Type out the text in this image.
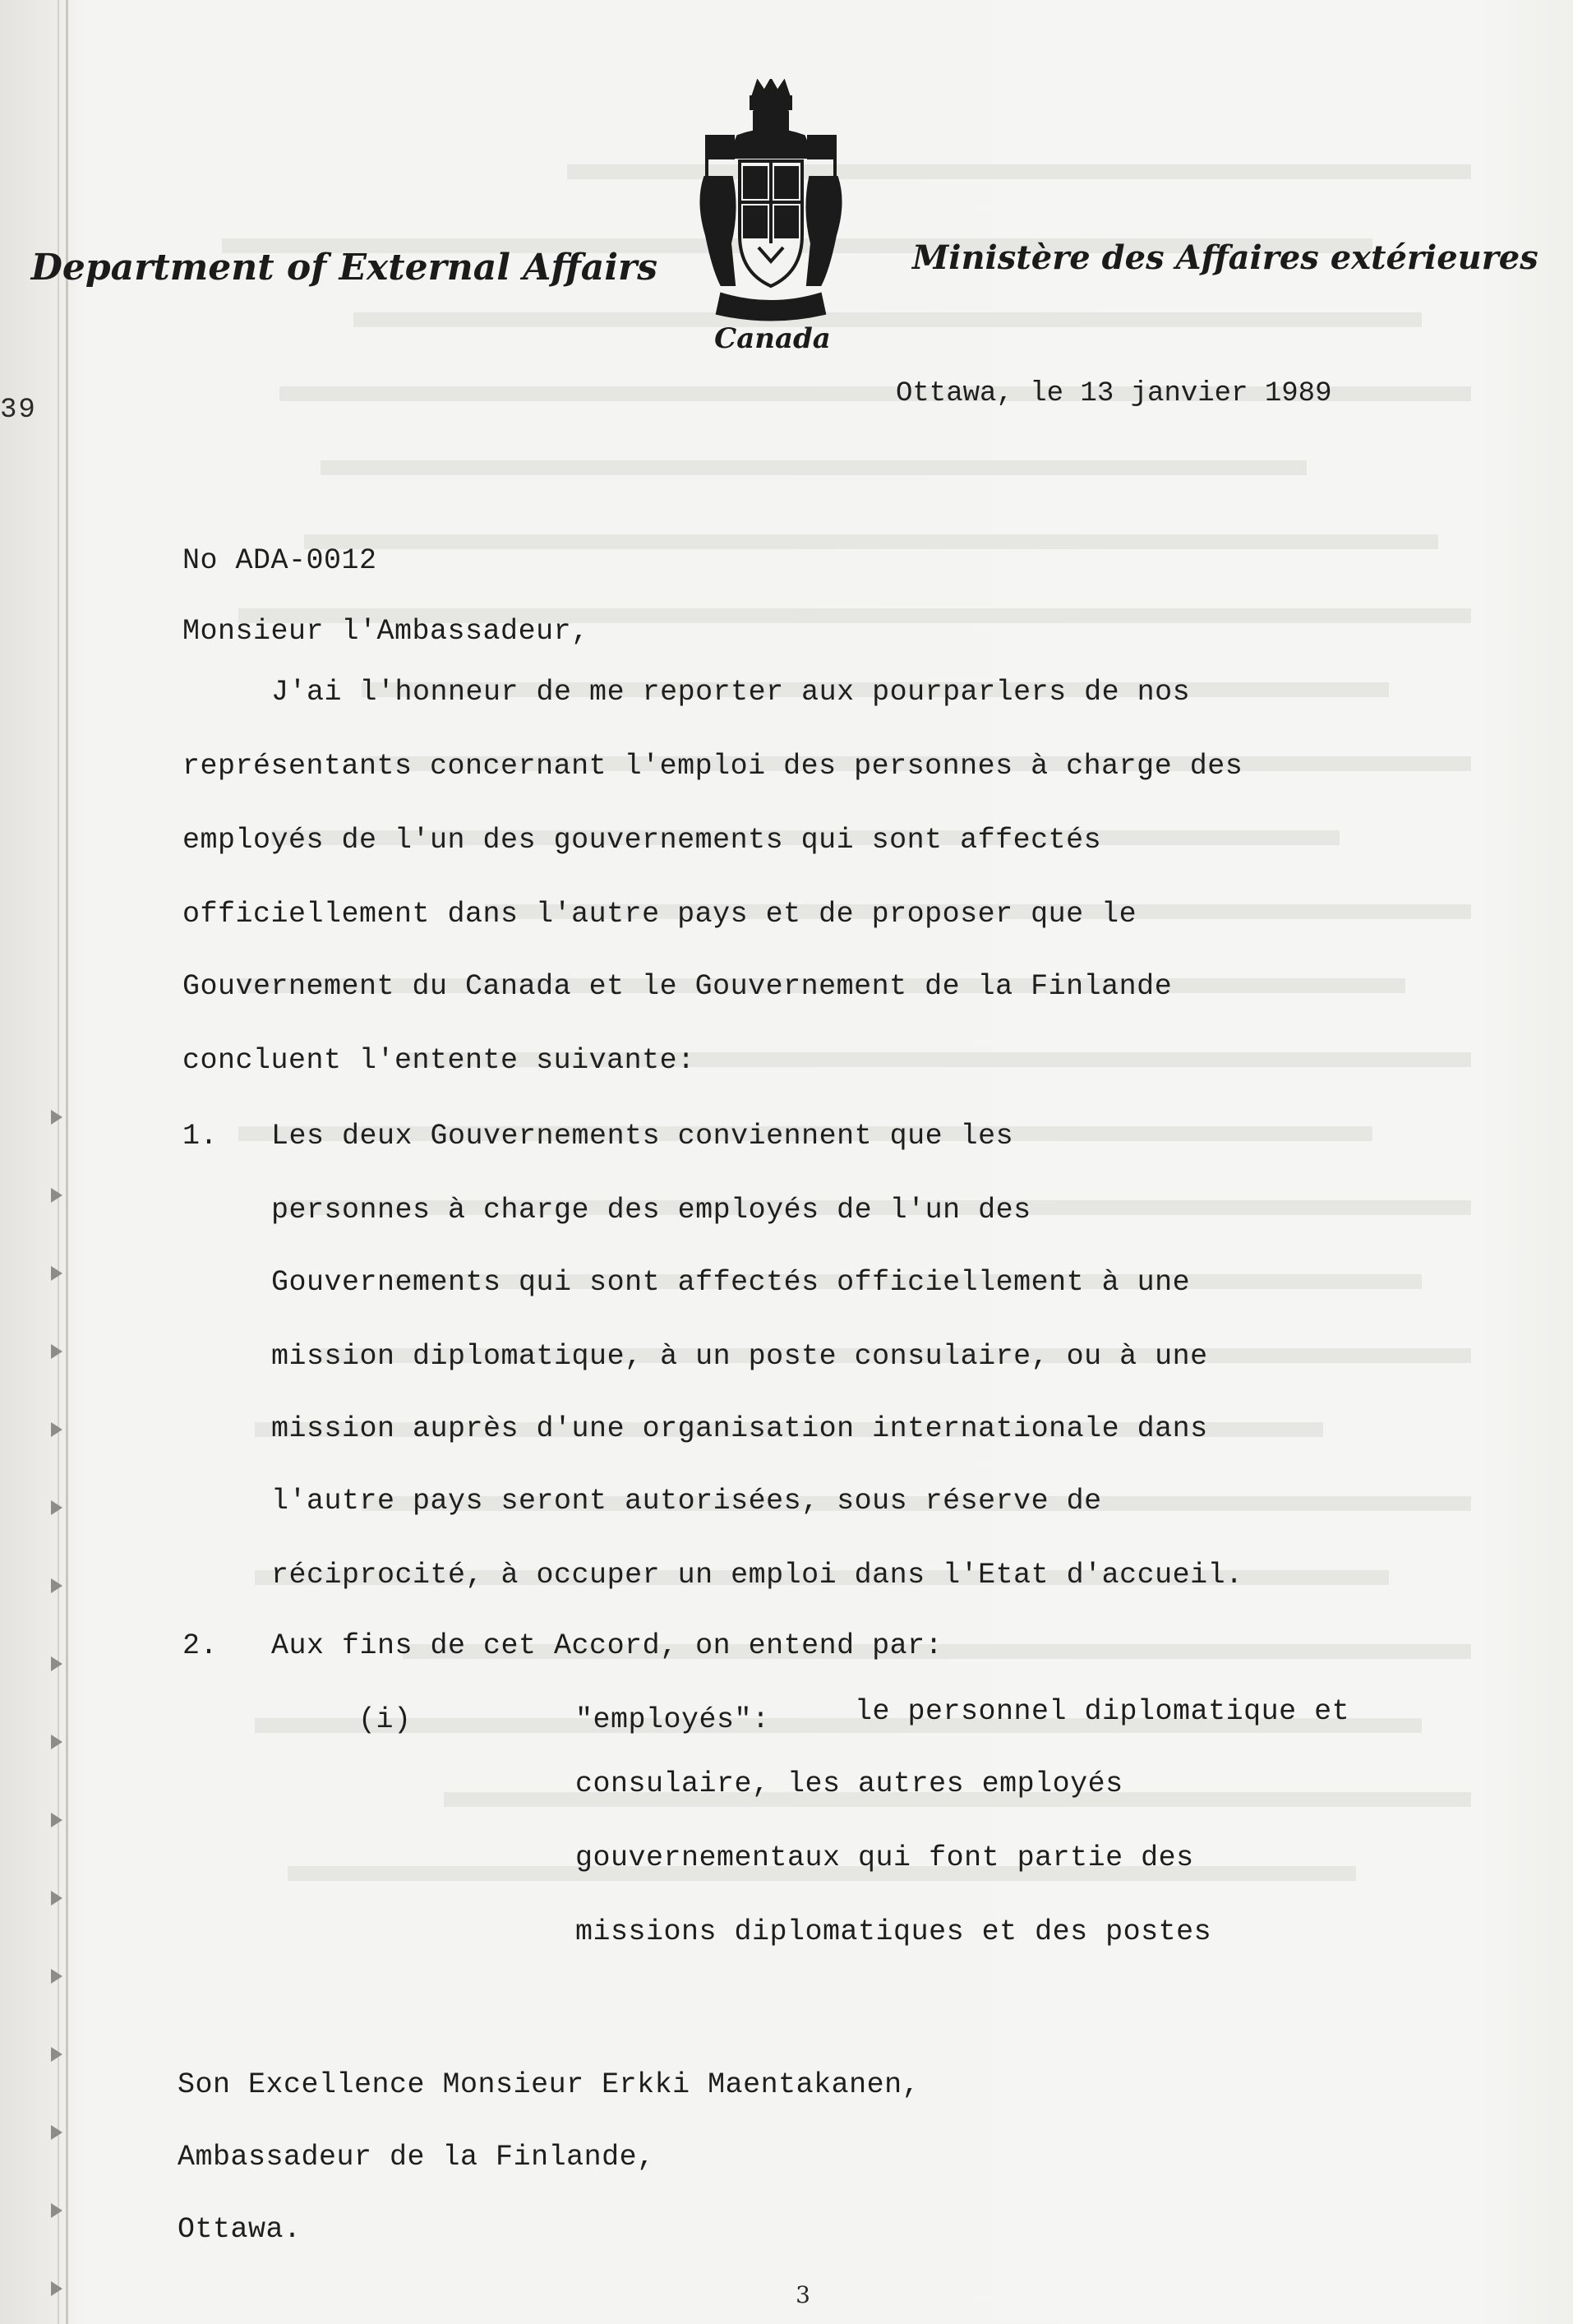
39
Department of External Affairs	Ministère des Affaires extérieures
Canada
Ottawa, le 13 janvier 1989
No ADA-0012
Monsieur l'Ambassadeur,
J'ai l'honneur de me reporter aux pourparlers de nos
représentants concernant l'emploi des personnes à charge des
employés de l'un des gouvernements qui sont affectés
officiellement dans l'autre pays et de proposer que le
Gouvernement du Canada et le Gouvernement de la Finlande
concluent l'entente suivante:
1. Les deux Gouvernements conviennent que les
personnes à charge des employés de l'un des
Gouvernements qui sont affectés officiellement à une
mission diplomatique, à un poste consulaire, ou à une
mission auprès d'une organisation internationale dans
l'autre pays seront autorisées, sous réserve de
réciprocité, à occuper un emploi dans l'Etat d'accueil.
2. Aux fins de cet Accord, on entend par:
(i)	"employés":	le personnel diplomatique et
consulaire, les autres employés
gouvernementaux qui font partie des
missions diplomatiques et des postes
Son Excellence Monsieur Erkki Maentakanen,
Ambassadeur de la Finlande,
Ottawa.
3
